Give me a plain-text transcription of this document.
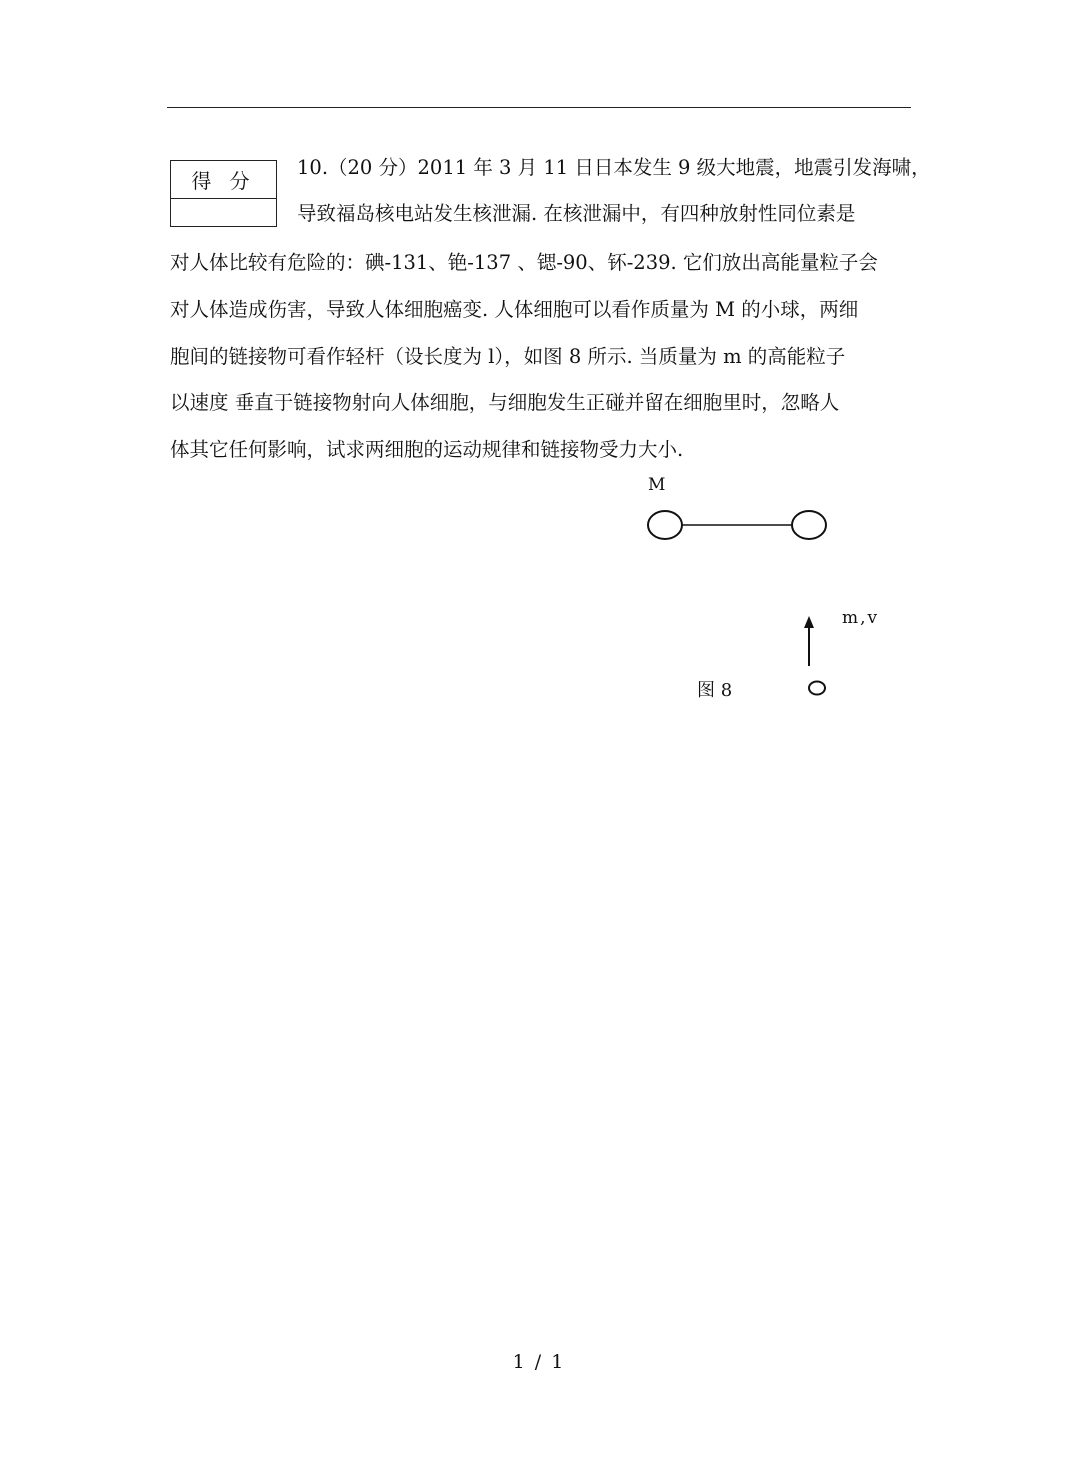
得 分
10.（20 分）2011 年 3 月 11 日日本发生 9 级大地震，地震引发海啸，
导致福岛核电站发生核泄漏. 在核泄漏中，有四种放射性同位素是
对人体比较有危险的：碘-131、铯-137 、锶-90、钚-239. 它们放出高能量粒子会
对人体造成伤害，导致人体细胞癌变. 人体细胞可以看作质量为 M 的小球，两细
胞间的链接物可看作轻杆（设长度为 l），如图 8 所示. 当质量为 m 的高能粒子
以速度 垂直于链接物射向人体细胞，与细胞发生正碰并留在细胞里时，忽略人
体其它任何影响，试求两细胞的运动规律和链接物受力大小.
M
m,v
图 8
1 / 1
